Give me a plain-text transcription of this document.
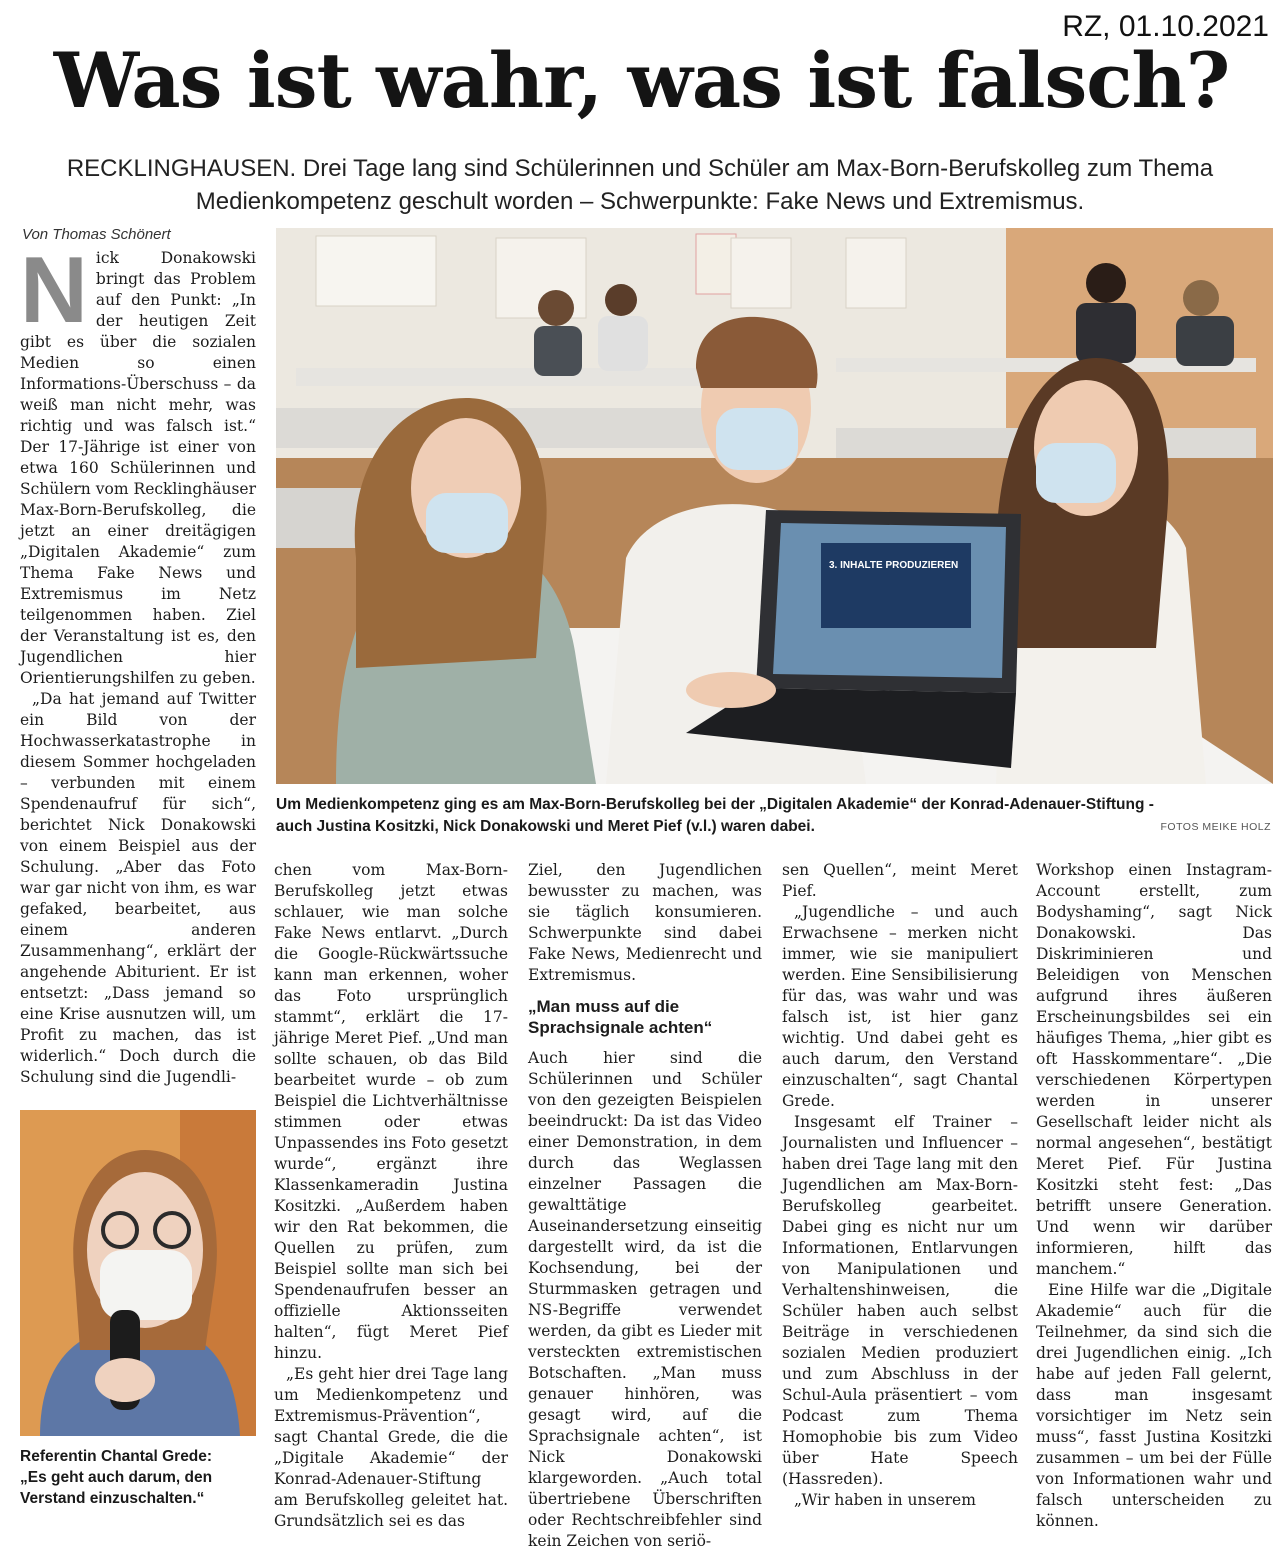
RZ, 01.10.2021
Was ist wahr, was ist falsch?

RECKLINGHAUSEN. Drei Tage lang sind Schülerinnen und Schüler am Max-Born-Berufskolleg zum Thema

Medienkompetenz geschult worden – Schwerpunkte: Fake News und Extremismus.

Von Thomas Schönert

Nick Donakowski bringt das Problem auf den Punkt: „In der heutigen Zeit gibt es über die sozialen Medien so einen Informations-Überschuss – da weiß man nicht mehr, was richtig und was falsch ist.“ Der 17-Jährige ist einer von etwa 160 Schülerinnen und Schülern vom Recklinghäuser Max-Born-Berufskolleg, die jetzt an einer dreitägigen „Digitalen Akademie“ zum Thema Fake News und Extremismus im Netz teilgenommen haben. Ziel der Veranstaltung ist es, den Jugendlichen hier Orientierungshilfen zu geben.

„Da hat jemand auf Twitter ein Bild von der Hochwasserkatastrophe in diesem Sommer hochgeladen – verbunden mit einem Spendenaufruf für sich“, berichtet Nick Donakowski von einem Beispiel aus der Schulung. „Aber das Foto war gar nicht von ihm, es war gefaked, bearbeitet, aus einem anderen Zusammenhang“, erklärt der angehende Abiturient. Er ist entsetzt: „Dass jemand so eine Krise ausnutzen will, um Profit zu machen, das ist widerlich.“ Doch durch die Schulung sind die Jugendli-

3. INHALTE PRODUZIEREN
Um Medienkompetenz ging es am Max-Born-Berufskolleg bei der „Digitalen Akademie“ der Konrad-Adenauer-Stiftung -
auch Justina Kositzki, Nick Donakowski und Meret Pief (v.l.) waren dabei.	FOTOS MEIKE HOLZ
Referentin Chantal Grede:
„Es geht auch darum, den
Verstand einzuschalten.“

chen vom Max-Born-Berufskolleg jetzt etwas schlauer, wie man solche Fake News entlarvt. „Durch die Google-Rückwärtssuche kann man erkennen, woher das Foto ursprünglich stammt“, erklärt die 17-jährige Meret Pief. „Und man sollte schauen, ob das Bild bearbeitet wurde – ob zum Beispiel die Lichtverhältnisse stimmen oder etwas Unpassendes ins Foto gesetzt wurde“, ergänzt ihre Klassenkameradin Justina Kositzki. „Außerdem haben wir den Rat bekommen, die Quellen zu prüfen, zum Beispiel sollte man sich bei Spendenaufrufen besser an offizielle Aktionsseiten halten“, fügt Meret Pief hinzu.

„Es geht hier drei Tage lang um Medienkompetenz und Extremismus-Prävention“, sagt Chantal Grede, die die „Digitale Akademie“ der Konrad-Adenauer-Stiftung am Berufskolleg geleitet hat. Grundsätzlich sei es das

Ziel, den Jugendlichen bewusster zu machen, was sie täglich konsumieren. Schwerpunkte sind dabei Fake News, Medienrecht und Extremismus.

„Man muss auf die Sprachsignale achten“

Auch hier sind die Schülerinnen und Schüler von den gezeigten Beispielen beeindruckt: Da ist das Video einer Demonstration, in dem durch das Weglassen einzelner Passagen die gewalttätige Auseinandersetzung einseitig dargestellt wird, da ist die Kochsendung, bei der Sturmmasken getragen und NS-Begriffe verwendet werden, da gibt es Lieder mit versteckten extremistischen Botschaften. „Man muss genauer hinhören, was gesagt wird, auf die Sprachsignale achten“, ist Nick Donakowski klargeworden. „Auch total übertriebene Überschriften oder Rechtschreibfehler sind kein Zeichen von seriö-

sen Quellen“, meint Meret Pief.

„Jugendliche – und auch Erwachsene – merken nicht immer, wie sie manipuliert werden. Eine Sensibilisierung für das, was wahr und was falsch ist, ist hier ganz wichtig. Und dabei geht es auch darum, den Verstand einzuschalten“, sagt Chantal Grede.

Insgesamt elf Trainer – Journalisten und Influencer – haben drei Tage lang mit den Jugendlichen am Max-Born-Berufskolleg gearbeitet. Dabei ging es nicht nur um Informationen, Entlarvungen von Manipulationen und Verhaltenshinweisen, die Schüler haben auch selbst Beiträge in verschiedenen sozialen Medien produziert und zum Abschluss in der Schul-Aula präsentiert – vom Podcast zum Thema Homophobie bis zum Video über Hate Speech (Hassreden).

„Wir haben in unserem

Workshop einen Instagram-Account erstellt, zum Bodyshaming“, sagt Nick Donakowski. Das Diskriminieren und Beleidigen von Menschen aufgrund ihres äußeren Erscheinungsbildes sei ein häufiges Thema, „hier gibt es oft Hasskommentare“. „Die verschiedenen Körpertypen werden in unserer Gesellschaft leider nicht als normal angesehen“, bestätigt Meret Pief. Für Justina Kositzki steht fest: „Das betrifft unsere Generation. Und wenn wir darüber informieren, hilft das manchem.“

Eine Hilfe war die „Digitale Akademie“ auch für die Teilnehmer, da sind sich die drei Jugendlichen einig. „Ich habe auf jeden Fall gelernt, dass man insgesamt vorsichtiger im Netz sein muss“, fasst Justina Kositzki zusammen – um bei der Fülle von Informationen wahr und falsch unterscheiden zu können.
